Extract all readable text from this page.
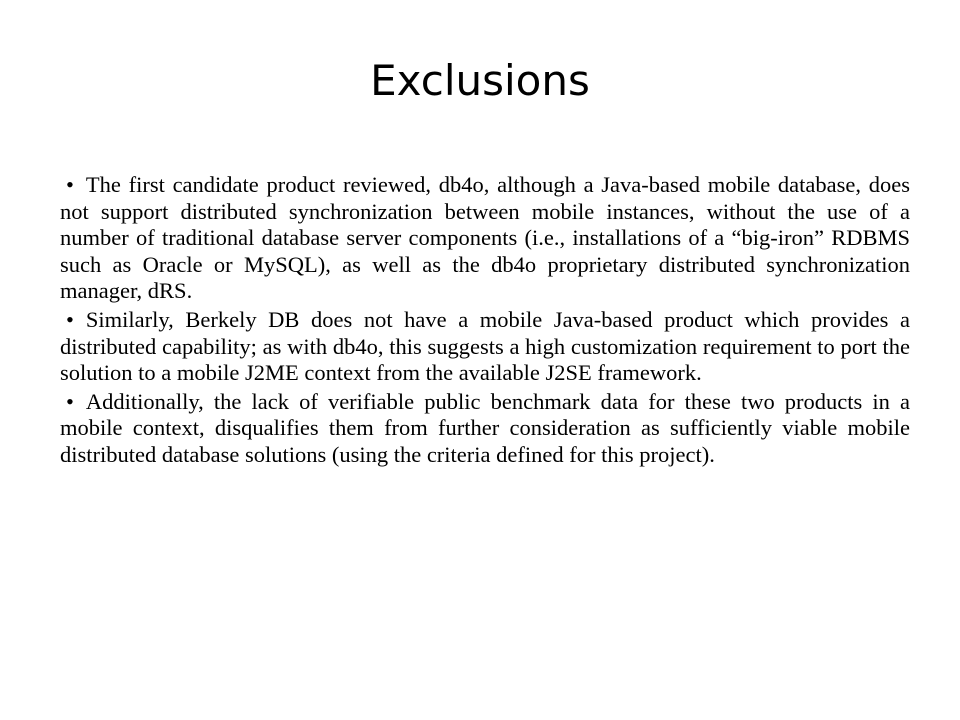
Exclusions
• The first candidate product reviewed, db4o, although a Java-based mobile database, does not support distributed synchronization between mobile instances, without the use of a number of traditional database server components (i.e., installations of a “big-iron” RDBMS such as Oracle or MySQL), as well as the db4o proprietary distributed synchronization manager, dRS.
• Similarly, Berkely DB does not have a mobile Java-based product which provides a distributed capability; as with db4o, this suggests a high customization requirement to port the solution to a mobile J2ME context from the available J2SE framework.
• Additionally, the lack of verifiable public benchmark data for these two products in a mobile context, disqualifies them from further consideration as sufficiently viable mobile distributed database solutions (using the criteria defined for this project).
